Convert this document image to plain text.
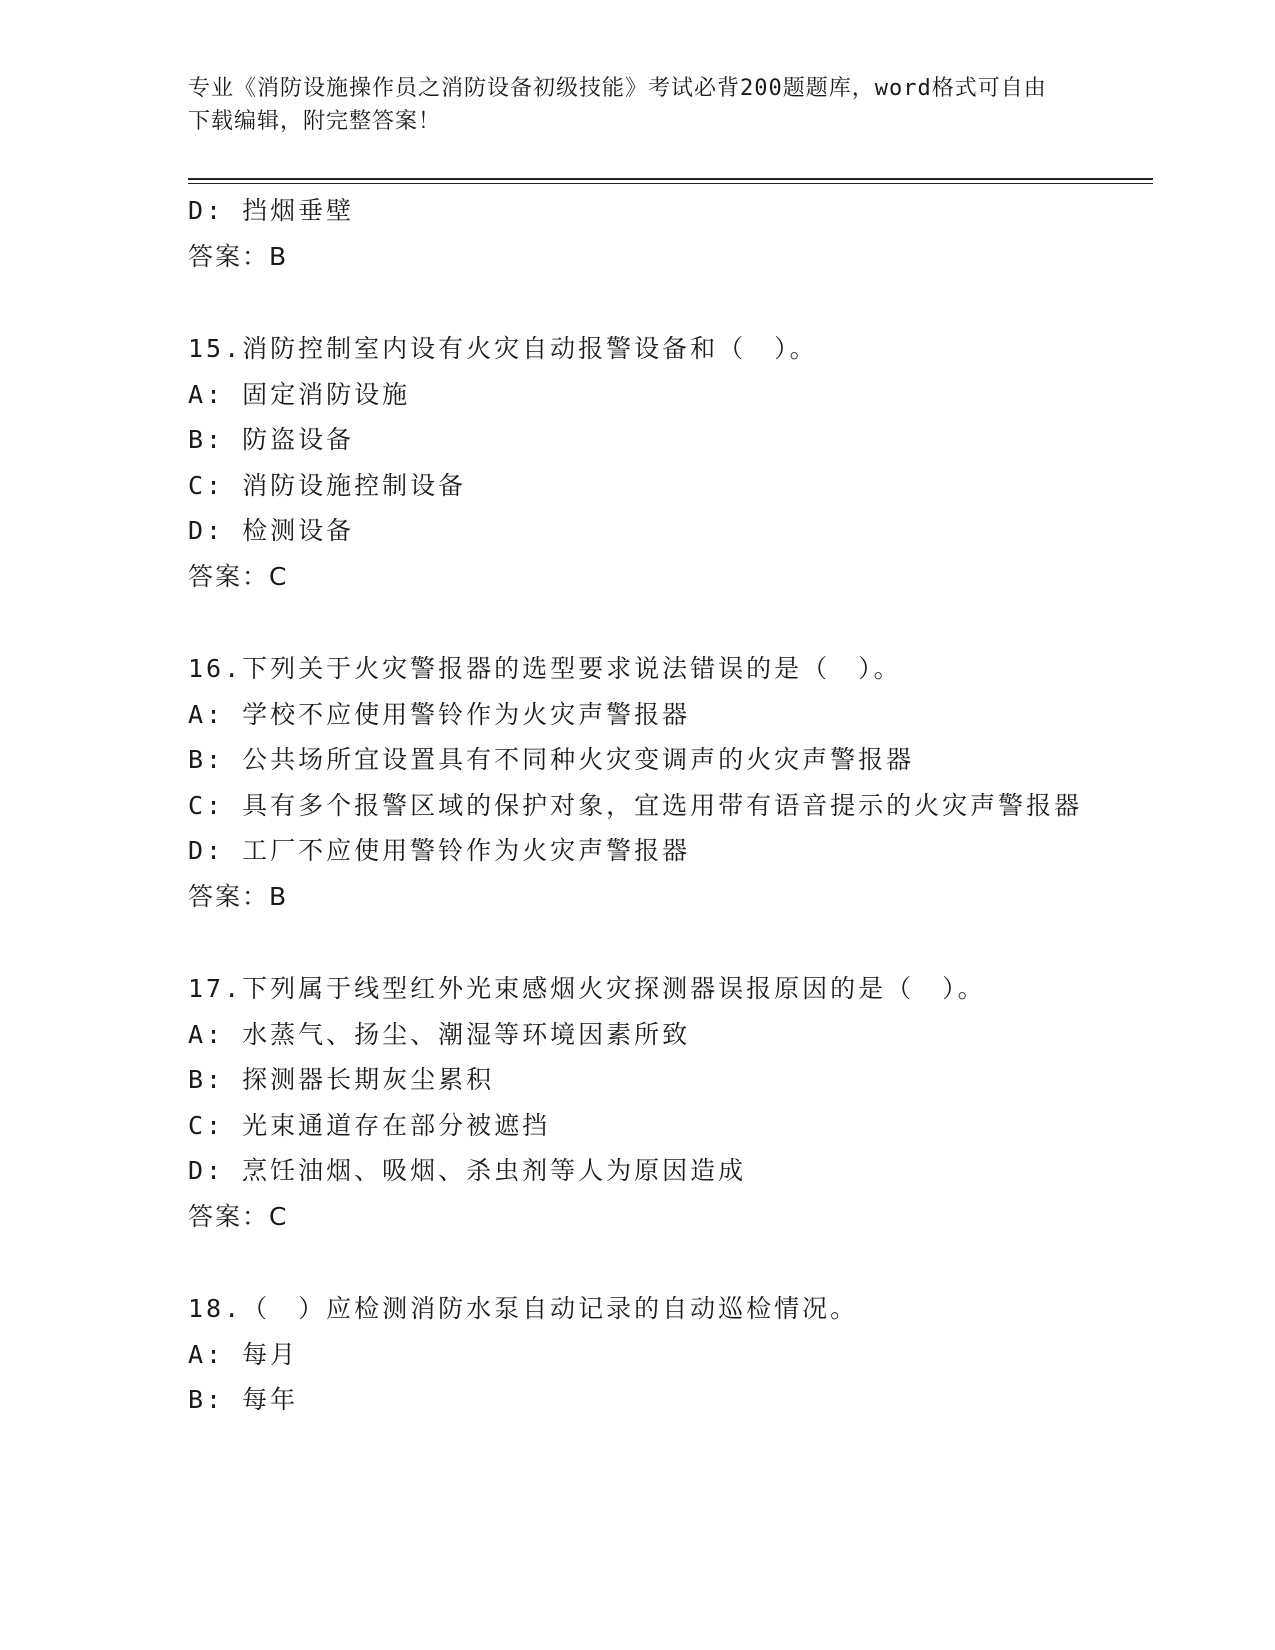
专业《消防设施操作员之消防设备初级技能》考试必背200题题库，word格式可自由下载编辑，附完整答案！
D: 挡烟垂壁
答案：B
15.消防控制室内设有火灾自动报警设备和（　）。
A: 固定消防设施
B: 防盗设备
C: 消防设施控制设备
D: 检测设备
答案：C
16.下列关于火灾警报器的选型要求说法错误的是（　）。
A: 学校不应使用警铃作为火灾声警报器
B: 公共场所宜设置具有不同种火灾变调声的火灾声警报器
C: 具有多个报警区域的保护对象，宜选用带有语音提示的火灾声警报器
D: 工厂不应使用警铃作为火灾声警报器
答案：B
17.下列属于线型红外光束感烟火灾探测器误报原因的是（　）。
A: 水蒸气、扬尘、潮湿等环境因素所致
B: 探测器长期灰尘累积
C: 光束通道存在部分被遮挡
D: 烹饪油烟、吸烟、杀虫剂等人为原因造成
答案：C
18.（　）应检测消防水泵自动记录的自动巡检情况。
A: 每月
B: 每年
